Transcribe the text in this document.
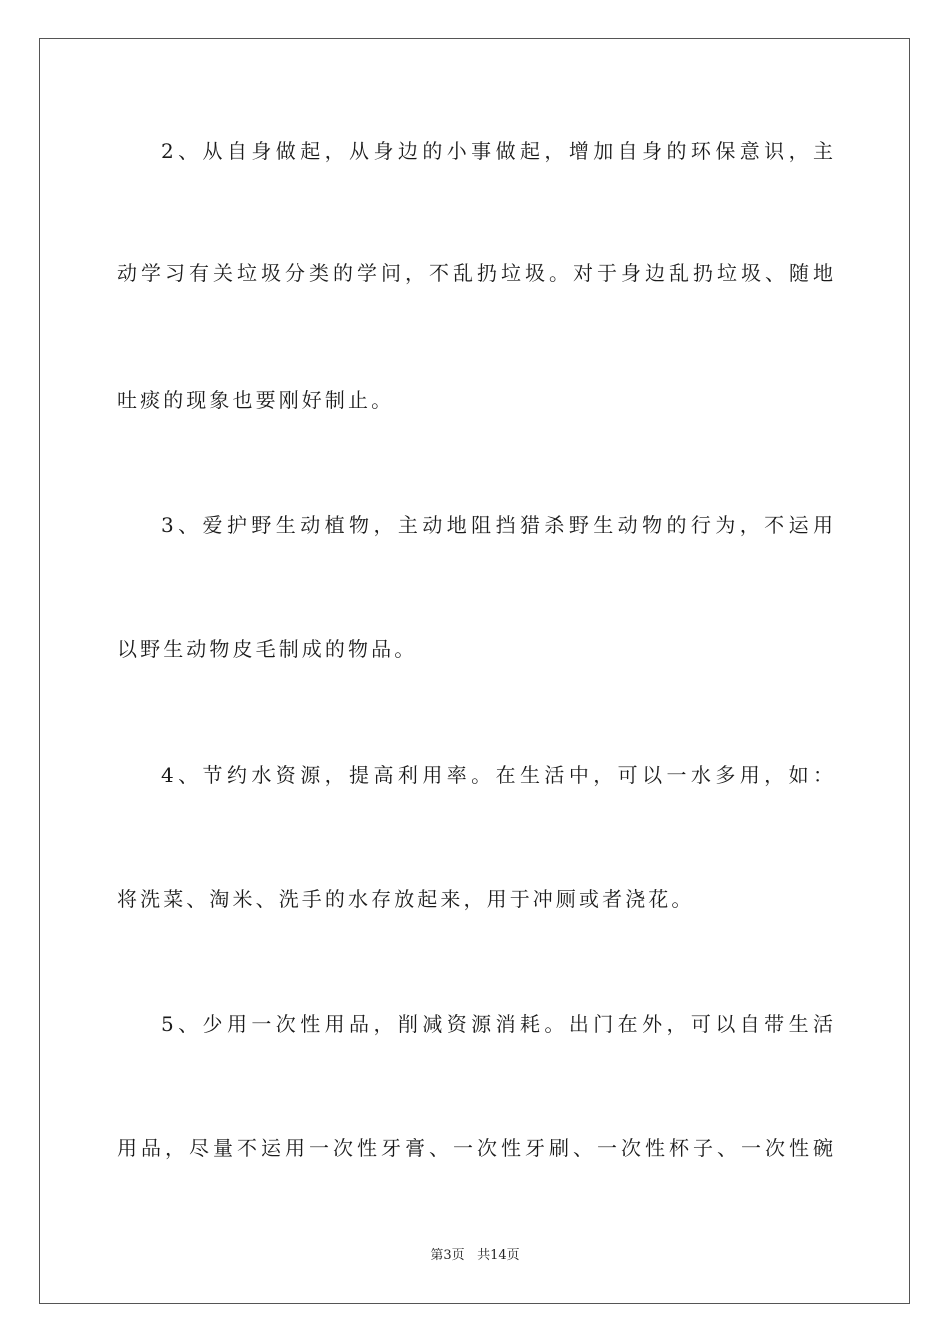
2、从自身做起，从身边的小事做起，增加自身的环保意识，主
动学习有关垃圾分类的学问，不乱扔垃圾。对于身边乱扔垃圾、随地
吐痰的现象也要刚好制止。
3、爱护野生动植物，主动地阻挡猎杀野生动物的行为，不运用
以野生动物皮毛制成的物品。
4、节约水资源，提高利用率。在生活中，可以一水多用，如：
将洗菜、淘米、洗手的水存放起来，用于冲厕或者浇花。
5、少用一次性用品，削减资源消耗。出门在外，可以自带生活
用品，尽量不运用一次性牙膏、一次性牙刷、一次性杯子、一次性碗
第3页 共14页
